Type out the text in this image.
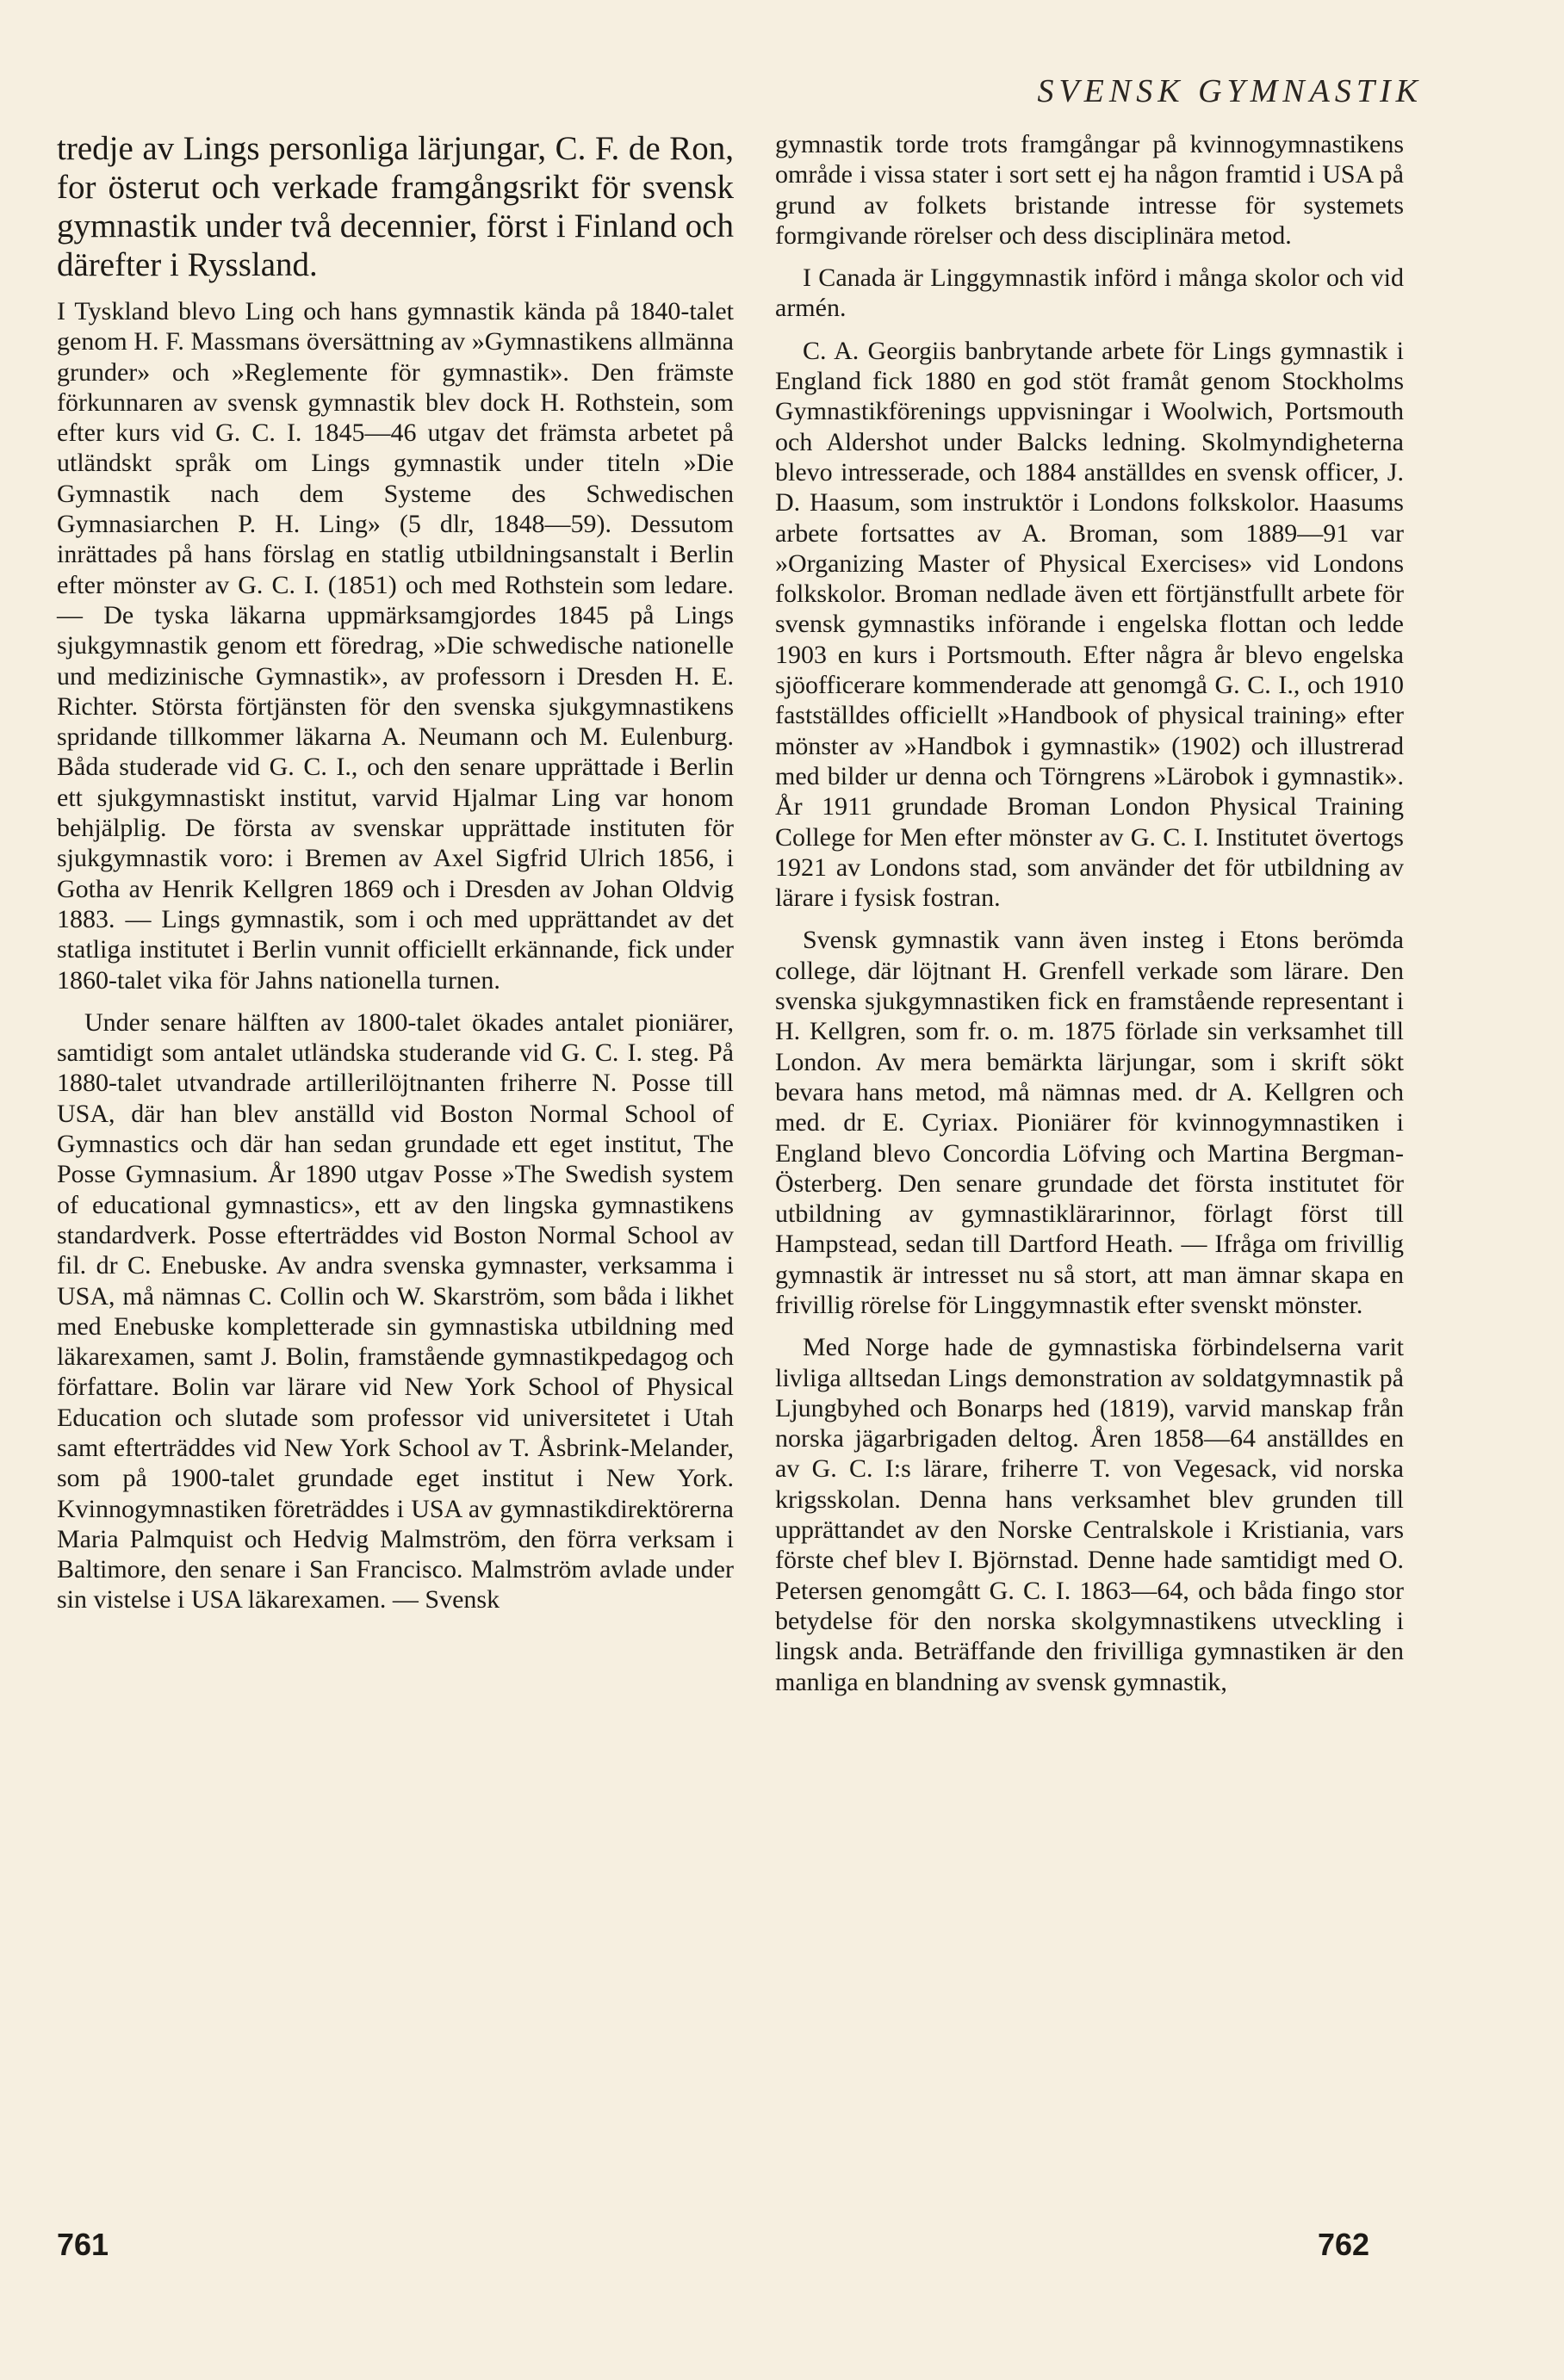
SVENSK GYMNASTIK

tredje av Lings personliga lärjungar, C. F. de Ron, for österut och verkade framgångsrikt för svensk gymnastik under två decennier, först i Finland och därefter i Ryssland.

I Tyskland blevo Ling och hans gymnastik kända på 1840-talet genom H. F. Massmans översättning av »Gymnastikens allmänna grunder» och »Reglemente för gymnastik». Den främste förkunnaren av svensk gymnastik blev dock H. Rothstein, som efter kurs vid G. C. I. 1845—46 utgav det främsta arbetet på utländskt språk om Lings gymnastik under titeln »Die Gymnastik nach dem Systeme des Schwedischen Gymnasiarchen P. H. Ling» (5 dlr, 1848—59). Dessutom inrättades på hans förslag en statlig utbildningsanstalt i Berlin efter mönster av G. C. I. (1851) och med Rothstein som ledare. — De tyska läkarna uppmärksamgjordes 1845 på Lings sjukgymnastik genom ett föredrag, »Die schwedische nationelle und medizinische Gymnastik», av professorn i Dresden H. E. Richter. Största förtjänsten för den svenska sjukgymnastikens spridande tillkommer läkarna A. Neumann och M. Eulenburg. Båda studerade vid G. C. I., och den senare upprättade i Berlin ett sjukgymnastiskt institut, varvid Hjalmar Ling var honom behjälplig. De första av svenskar upprättade instituten för sjukgymnastik voro: i Bremen av Axel Sigfrid Ulrich 1856, i Gotha av Henrik Kellgren 1869 och i Dresden av Johan Oldvig 1883. — Lings gymnastik, som i och med upprättandet av det statliga institutet i Berlin vunnit officiellt erkännande, fick under 1860-talet vika för Jahns nationella turnen.

Under senare hälften av 1800-talet ökades antalet pioniärer, samtidigt som antalet utländska studerande vid G. C. I. steg. På 1880-talet utvandrade artillerilöjtnanten friherre N. Posse till USA, där han blev anställd vid Boston Normal School of Gymnastics och där han sedan grundade ett eget institut, The Posse Gymnasium. År 1890 utgav Posse »The Swedish system of educational gymnastics», ett av den lingska gymnastikens standardverk. Posse efterträddes vid Boston Normal School av fil. dr C. Enebuske. Av andra svenska gymnaster, verksamma i USA, må nämnas C. Collin och W. Skarström, som båda i likhet med Enebuske kompletterade sin gymnastiska utbildning med läkarexamen, samt J. Bolin, framstående gymnastikpedagog och författare. Bolin var lärare vid New York School of Physical Education och slutade som professor vid universitetet i Utah samt efterträddes vid New York School av T. Åsbrink-Melander, som på 1900-talet grundade eget institut i New York. Kvinnogymnastiken företräddes i USA av gymnastikdirektörerna Maria Palmquist och Hedvig Malmström, den förra verksam i Baltimore, den senare i San Francisco. Malmström avlade under sin vistelse i USA läkarexamen. — Svensk

gymnastik torde trots framgångar på kvinnogymnastikens område i vissa stater i sort sett ej ha någon framtid i USA på grund av folkets bristande intresse för systemets formgivande rörelser och dess disciplinära metod.

I Canada är Linggymnastik införd i många skolor och vid armén.

C. A. Georgiis banbrytande arbete för Lings gymnastik i England fick 1880 en god stöt framåt genom Stockholms Gymnastikförenings uppvisningar i Woolwich, Portsmouth och Aldershot under Balcks ledning. Skolmyndigheterna blevo intresserade, och 1884 anställdes en svensk officer, J. D. Haasum, som instruktör i Londons folkskolor. Haasums arbete fortsattes av A. Broman, som 1889—91 var »Organizing Master of Physical Exercises» vid Londons folkskolor. Broman nedlade även ett förtjänstfullt arbete för svensk gymnastiks införande i engelska flottan och ledde 1903 en kurs i Portsmouth. Efter några år blevo engelska sjöofficerare kommenderade att genomgå G. C. I., och 1910 fastställdes officiellt »Handbook of physical training» efter mönster av »Handbok i gymnastik» (1902) och illustrerad med bilder ur denna och Törngrens »Lärobok i gymnastik». År 1911 grundade Broman London Physical Training College for Men efter mönster av G. C. I. Institutet övertogs 1921 av Londons stad, som använder det för utbildning av lärare i fysisk fostran.

Svensk gymnastik vann även insteg i Etons berömda college, där löjtnant H. Grenfell verkade som lärare. Den svenska sjukgymnastiken fick en framstående representant i H. Kellgren, som fr. o. m. 1875 förlade sin verksamhet till London. Av mera bemärkta lärjungar, som i skrift sökt bevara hans metod, må nämnas med. dr A. Kellgren och med. dr E. Cyriax. Pioniärer för kvinnogymnastiken i England blevo Concordia Löfving och Martina Bergman-Österberg. Den senare grundade det första institutet för utbildning av gymnastiklärarinnor, förlagt först till Hampstead, sedan till Dartford Heath. — Ifråga om frivillig gymnastik är intresset nu så stort, att man ämnar skapa en frivillig rörelse för Linggymnastik efter svenskt mönster.

Med Norge hade de gymnastiska förbindelserna varit livliga alltsedan Lings demonstration av soldatgymnastik på Ljungbyhed och Bonarps hed (1819), varvid manskap från norska jägarbrigaden deltog. Åren 1858—64 anställdes en av G. C. I:s lärare, friherre T. von Vegesack, vid norska krigsskolan. Denna hans verksamhet blev grunden till upprättandet av den Norske Centralskole i Kristiania, vars förste chef blev I. Björnstad. Denne hade samtidigt med O. Petersen genomgått G. C. I. 1863—64, och båda fingo stor betydelse för den norska skolgymnastikens utveckling i lingsk anda. Beträffande den frivilliga gymnastiken är den manliga en blandning av svensk gymnastik,

761	762
